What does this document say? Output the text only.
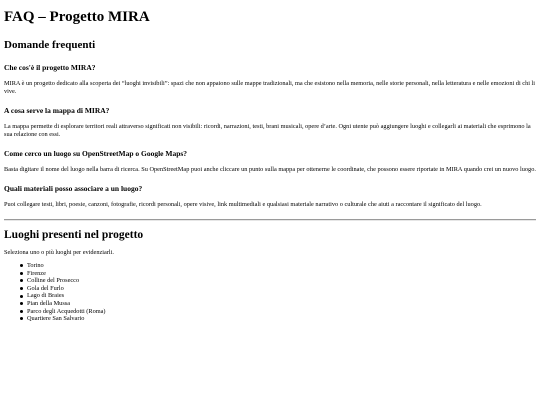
FAQ – Progetto MIRA
Domande frequenti
Che cos'è il progetto MIRA?

MIRA è un progetto dedicato alla scoperta dei “luoghi invisibili”: spazi che non appaiono sulle mappe tradizionali, ma che esistono nella memoria, nelle storie personali, nella letteratura e nelle emozioni di chi li vive.

A cosa serve la mappa di MIRA?

La mappa permette di esplorare territori reali attraverso significati non visibili: ricordi, narrazioni, testi, brani musicali, opere d’arte. Ogni utente può aggiungere luoghi e collegarli ai materiali che esprimono la sua relazione con essi.

Come cerco un luogo su OpenStreetMap o Google Maps?

Basta digitare il nome del luogo nella barra di ricerca. Su OpenStreetMap puoi anche cliccare un punto sulla mappa per ottenerne le coordinate, che possono essere riportate in MIRA quando crei un nuovo luogo.

Quali materiali posso associare a un luogo?

Puoi collegare testi, libri, poesie, canzoni, fotografie, ricordi personali, opere visive, link multimediali e qualsiasi materiale narrativo o culturale che aiuti a raccontare il significato del luogo.

Luoghi presenti nel progetto

Seleziona uno o più luoghi per evidenziarli.

Torino
Firenze
Colline del Prosecco
Gola del Furlo
Lago di Braies
Pian della Mussa
Parco degli Acquedotti (Roma)
Quartiere San Salvario
